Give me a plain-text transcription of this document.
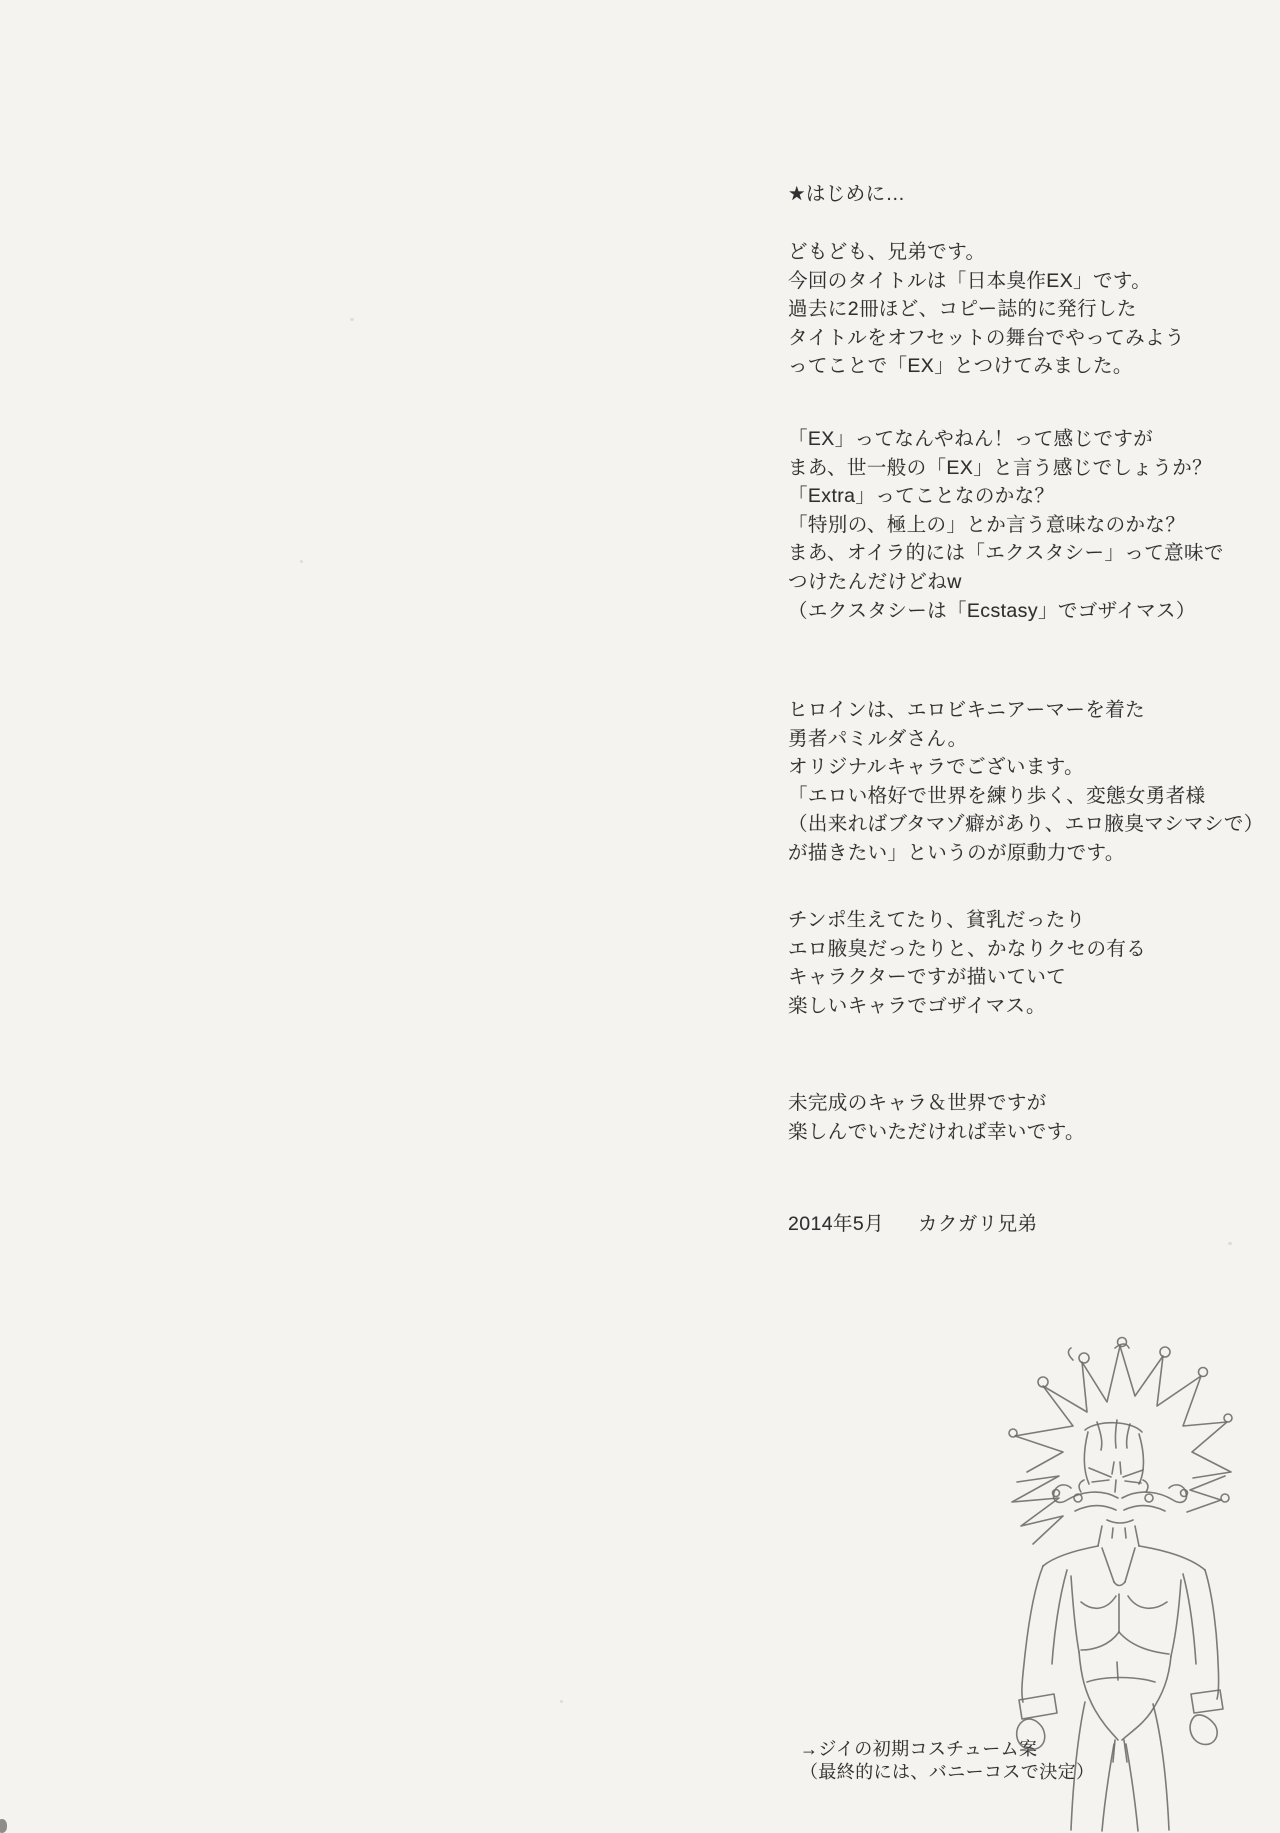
★はじめに…
どもども、兄弟です。
今回のタイトルは「日本臭作EX」です。
過去に2冊ほど、コピー誌的に発行した
タイトルをオフセットの舞台でやってみよう
ってことで「EX」とつけてみました。
「EX」ってなんやねん！って感じですが
まあ、世一般の「EX」と言う感じでしょうか？
「Extra」ってことなのかな？
「特別の、極上の」とか言う意味なのかな？
まあ、オイラ的には「エクスタシー」って意味で
つけたんだけどねw
（エクスタシーは「Ecstasy」でゴザイマス）
ヒロインは、エロビキニアーマーを着た
勇者パミルダさん。
オリジナルキャラでございます。
「エロい格好で世界を練り歩く、変態女勇者様
（出来ればブタマゾ癖があり、エロ腋臭マシマシで）
が描きたい」というのが原動力です。
チンポ生えてたり、貧乳だったり
エロ腋臭だったりと、かなりクセの有る
キャラクターですが描いていて
楽しいキャラでゴザイマス。
未完成のキャラ＆世界ですが
楽しんでいただければ幸いです。
2014年5月 カクガリ兄弟
→ジイの初期コスチューム案
（最終的には、バニーコスで決定）
